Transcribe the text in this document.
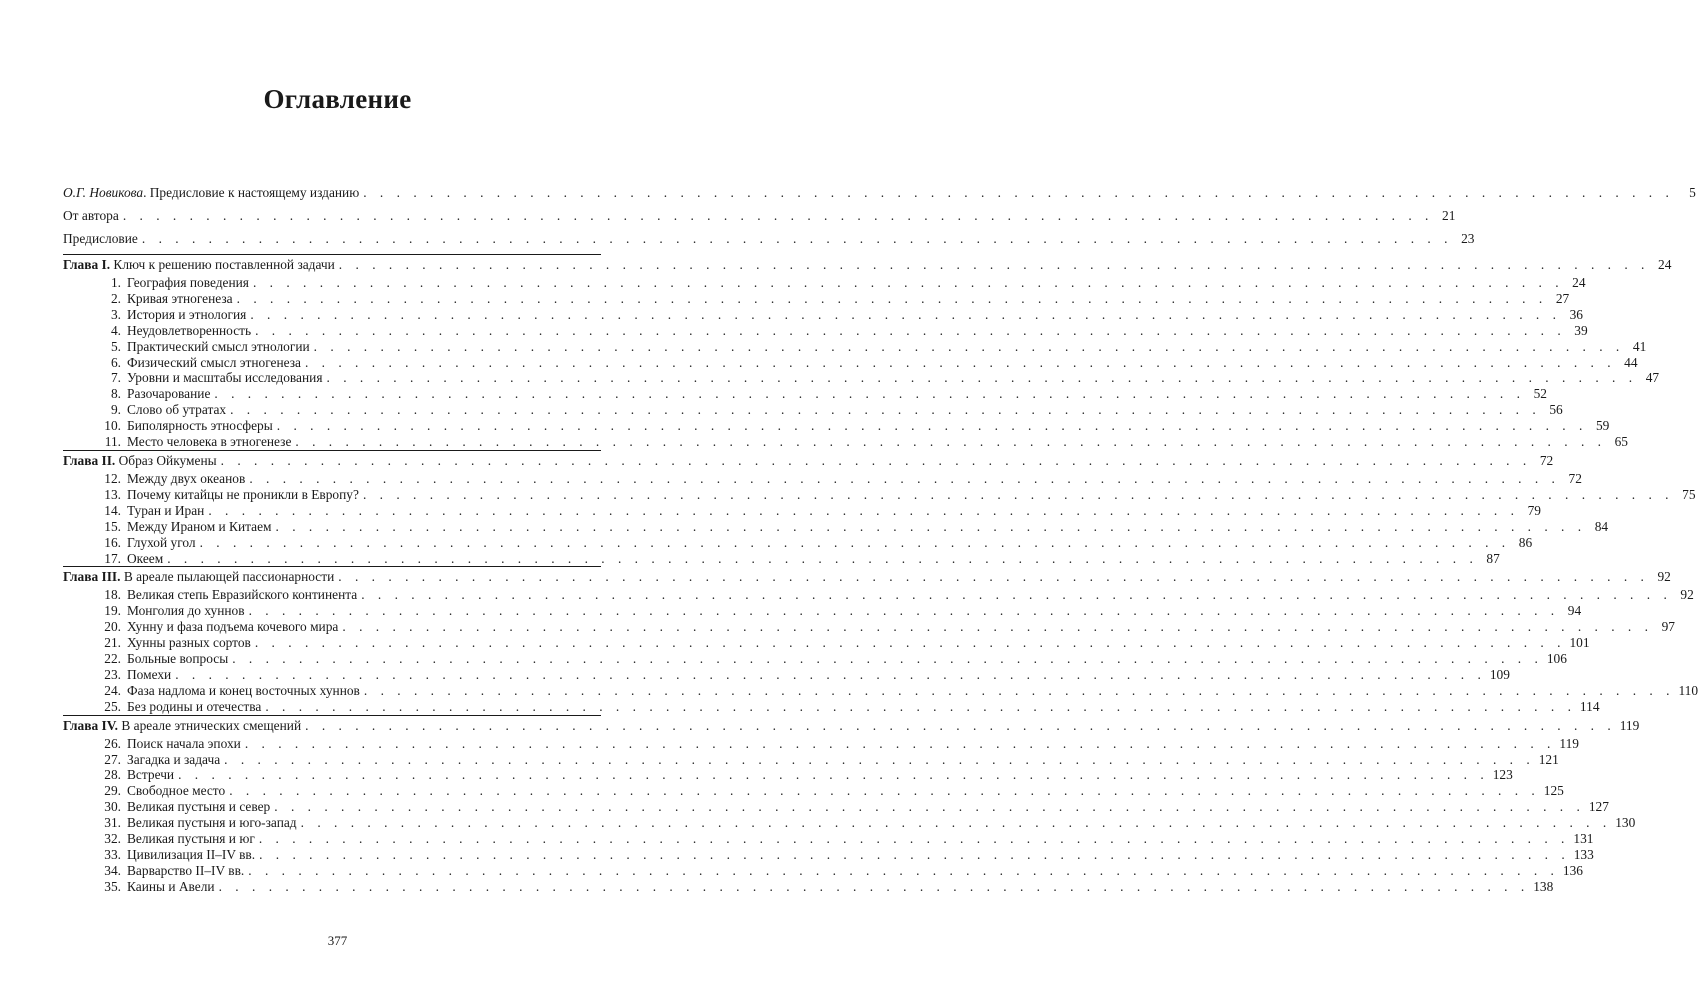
Оглавление
О.Г. Новикова. Предисловие к настоящему изданию . . . . . . . . . . . . . . . . . . . . . . . . . . . . . . . . . . . . . . . . . . . . . . . . . . . . . . . . . . . . . . . . . . . . . . . . . . . . . . .	5
От автора . . . . . . . . . . . . . . . . . . . . . . . . . . . . . . . . . . . . . . . . . . . . . . . . . . . . . . . . . . . . . . . . . . . . . . . . . . . . . . . 21
Предисловие . . . . . . . . . . . . . . . . . . . . . . . . . . . . . . . . . . . . . . . . . . . . . . . . . . . . . . . . . . . . . . . . . . . . . . . . . . . . . . . 23
Глава I. Ключ к решению поставленной задачи . . . . . . . . . . . . . . . . . . . . . . . . . . . . . . . . . . . . . . . . . . . . . . . . . . . . . . . . . . . . . . . . . . . . . . . . . . . . . . . 24
1. География поведения . . . . . . . . . . . . . . . . . . . . . . . . . . . . . . . . . . . . . . . . . . . . . . . . . . . . . . . . . . . . . . . . . . . . . . . . . . . . . . . 24
2. Кривая этногенеза . . . . . . . . . . . . . . . . . . . . . . . . . . . . . . . . . . . . . . . . . . . . . . . . . . . . . . . . . . . . . . . . . . . . . . . . . . . . . . . 27
3. История и этнология . . . . . . . . . . . . . . . . . . . . . . . . . . . . . . . . . . . . . . . . . . . . . . . . . . . . . . . . . . . . . . . . . . . . . . . . . . . . . . . 36
4. Неудовлетворенность . . . . . . . . . . . . . . . . . . . . . . . . . . . . . . . . . . . . . . . . . . . . . . . . . . . . . . . . . . . . . . . . . . . . . . . . . . . . . . . 39
5. Практический смысл этнологии . . . . . . . . . . . . . . . . . . . . . . . . . . . . . . . . . . . . . . . . . . . . . . . . . . . . . . . . . . . . . . . . . . . . . . . . . . . . . . . 41
6. Физический смысл этногенеза . . . . . . . . . . . . . . . . . . . . . . . . . . . . . . . . . . . . . . . . . . . . . . . . . . . . . . . . . . . . . . . . . . . . . . . . . . . . . . . 44
7. Уровни и масштабы исследования . . . . . . . . . . . . . . . . . . . . . . . . . . . . . . . . . . . . . . . . . . . . . . . . . . . . . . . . . . . . . . . . . . . . . . . . . . . . . . . 47
8. Разочарование . . . . . . . . . . . . . . . . . . . . . . . . . . . . . . . . . . . . . . . . . . . . . . . . . . . . . . . . . . . . . . . . . . . . . . . . . . . . . . . 52
9. Слово об утратах . . . . . . . . . . . . . . . . . . . . . . . . . . . . . . . . . . . . . . . . . . . . . . . . . . . . . . . . . . . . . . . . . . . . . . . . . . . . . . . 56
10. Биполярность этносферы . . . . . . . . . . . . . . . . . . . . . . . . . . . . . . . . . . . . . . . . . . . . . . . . . . . . . . . . . . . . . . . . . . . . . . . . . . . . . . . 59
11. Место человека в этногенезе . . . . . . . . . . . . . . . . . . . . . . . . . . . . . . . . . . . . . . . . . . . . . . . . . . . . . . . . . . . . . . . . . . . . . . . . . . . . . . . 65
Глава II. Образ Ойкумены . . . . . . . . . . . . . . . . . . . . . . . . . . . . . . . . . . . . . . . . . . . . . . . . . . . . . . . . . . . . . . . . . . . . . . . . . . . . . . . 72
12. Между двух океанов . . . . . . . . . . . . . . . . . . . . . . . . . . . . . . . . . . . . . . . . . . . . . . . . . . . . . . . . . . . . . . . . . . . . . . . . . . . . . . . 72
13. Почему китайцы не проникли в Европу? . . . . . . . . . . . . . . . . . . . . . . . . . . . . . . . . . . . . . . . . . . . . . . . . . . . . . . . . . . . . . . . . . . . . . . . . . . . . . . . 75
14. Туран и Иран . . . . . . . . . . . . . . . . . . . . . . . . . . . . . . . . . . . . . . . . . . . . . . . . . . . . . . . . . . . . . . . . . . . . . . . . . . . . . . . 79
15. Между Ираном и Китаем . . . . . . . . . . . . . . . . . . . . . . . . . . . . . . . . . . . . . . . . . . . . . . . . . . . . . . . . . . . . . . . . . . . . . . . . . . . . . . . 84
16. Глухой угол . . . . . . . . . . . . . . . . . . . . . . . . . . . . . . . . . . . . . . . . . . . . . . . . . . . . . . . . . . . . . . . . . . . . . . . . . . . . . . . 86
17. Океем . . . . . . . . . . . . . . . . . . . . . . . . . . . . . . . . . . . . . . . . . . . . . . . . . . . . . . . . . . . . . . . . . . . . . . . . . . . . . . . 87
Глава III. В ареале пылающей пассионарности . . . . . . . . . . . . . . . . . . . . . . . . . . . . . . . . . . . . . . . . . . . . . . . . . . . . . . . . . . . . . . . . . . . . . . . . . . . . . . . 92
18. Великая степь Евразийского континента . . . . . . . . . . . . . . . . . . . . . . . . . . . . . . . . . . . . . . . . . . . . . . . . . . . . . . . . . . . . . . . . . . . . . . . . . . . . . . . 92
19. Монголия до хуннов . . . . . . . . . . . . . . . . . . . . . . . . . . . . . . . . . . . . . . . . . . . . . . . . . . . . . . . . . . . . . . . . . . . . . . . . . . . . . . . 94
20. Хунну и фаза подъема кочевого мира . . . . . . . . . . . . . . . . . . . . . . . . . . . . . . . . . . . . . . . . . . . . . . . . . . . . . . . . . . . . . . . . . . . . . . . . . . . . . . . 97
21. Хунны разных сортов . . . . . . . . . . . . . . . . . . . . . . . . . . . . . . . . . . . . . . . . . . . . . . . . . . . . . . . . . . . . . . . . . . . . . . . . . . . . . . . 101
22. Больные вопросы . . . . . . . . . . . . . . . . . . . . . . . . . . . . . . . . . . . . . . . . . . . . . . . . . . . . . . . . . . . . . . . . . . . . . . . . . . . . . . . 106
23. Помехи . . . . . . . . . . . . . . . . . . . . . . . . . . . . . . . . . . . . . . . . . . . . . . . . . . . . . . . . . . . . . . . . . . . . . . . . . . . . . . . 109
24. Фаза надлома и конец восточных хуннов . . . . . . . . . . . . . . . . . . . . . . . . . . . . . . . . . . . . . . . . . . . . . . . . . . . . . . . . . . . . . . . . . . . . . . . . . . . . . . . 110
25. Без родины и отечества . . . . . . . . . . . . . . . . . . . . . . . . . . . . . . . . . . . . . . . . . . . . . . . . . . . . . . . . . . . . . . . . . . . . . . . . . . . . . . . 114
Глава IV. В ареале этнических смещений . . . . . . . . . . . . . . . . . . . . . . . . . . . . . . . . . . . . . . . . . . . . . . . . . . . . . . . . . . . . . . . . . . . . . . . . . . . . . . . 119
26. Поиск начала эпохи . . . . . . . . . . . . . . . . . . . . . . . . . . . . . . . . . . . . . . . . . . . . . . . . . . . . . . . . . . . . . . . . . . . . . . . . . . . . . . . 119
27. Загадка и задача . . . . . . . . . . . . . . . . . . . . . . . . . . . . . . . . . . . . . . . . . . . . . . . . . . . . . . . . . . . . . . . . . . . . . . . . . . . . . . . 121
28. Встречи . . . . . . . . . . . . . . . . . . . . . . . . . . . . . . . . . . . . . . . . . . . . . . . . . . . . . . . . . . . . . . . . . . . . . . . . . . . . . . . 123
29. Свободное место . . . . . . . . . . . . . . . . . . . . . . . . . . . . . . . . . . . . . . . . . . . . . . . . . . . . . . . . . . . . . . . . . . . . . . . . . . . . . . . 125
30. Великая пустыня и север . . . . . . . . . . . . . . . . . . . . . . . . . . . . . . . . . . . . . . . . . . . . . . . . . . . . . . . . . . . . . . . . . . . . . . . . . . . . . . . 127
31. Великая пустыня и юго-запад . . . . . . . . . . . . . . . . . . . . . . . . . . . . . . . . . . . . . . . . . . . . . . . . . . . . . . . . . . . . . . . . . . . . . . . . . . . . . . . 130
32. Великая пустыня и юг . . . . . . . . . . . . . . . . . . . . . . . . . . . . . . . . . . . . . . . . . . . . . . . . . . . . . . . . . . . . . . . . . . . . . . . . . . . . . . . 131
33. Цивилизация II–IV вв. . . . . . . . . . . . . . . . . . . . . . . . . . . . . . . . . . . . . . . . . . . . . . . . . . . . . . . . . . . . . . . . . . . . . . . . . . . . . . . . 133
34. Варварство II–IV вв. . . . . . . . . . . . . . . . . . . . . . . . . . . . . . . . . . . . . . . . . . . . . . . . . . . . . . . . . . . . . . . . . . . . . . . . . . . . . . . . 136
35. Каины и Авели . . . . . . . . . . . . . . . . . . . . . . . . . . . . . . . . . . . . . . . . . . . . . . . . . . . . . . . . . . . . . . . . . . . . . . . . . . . . . . . 138
377
